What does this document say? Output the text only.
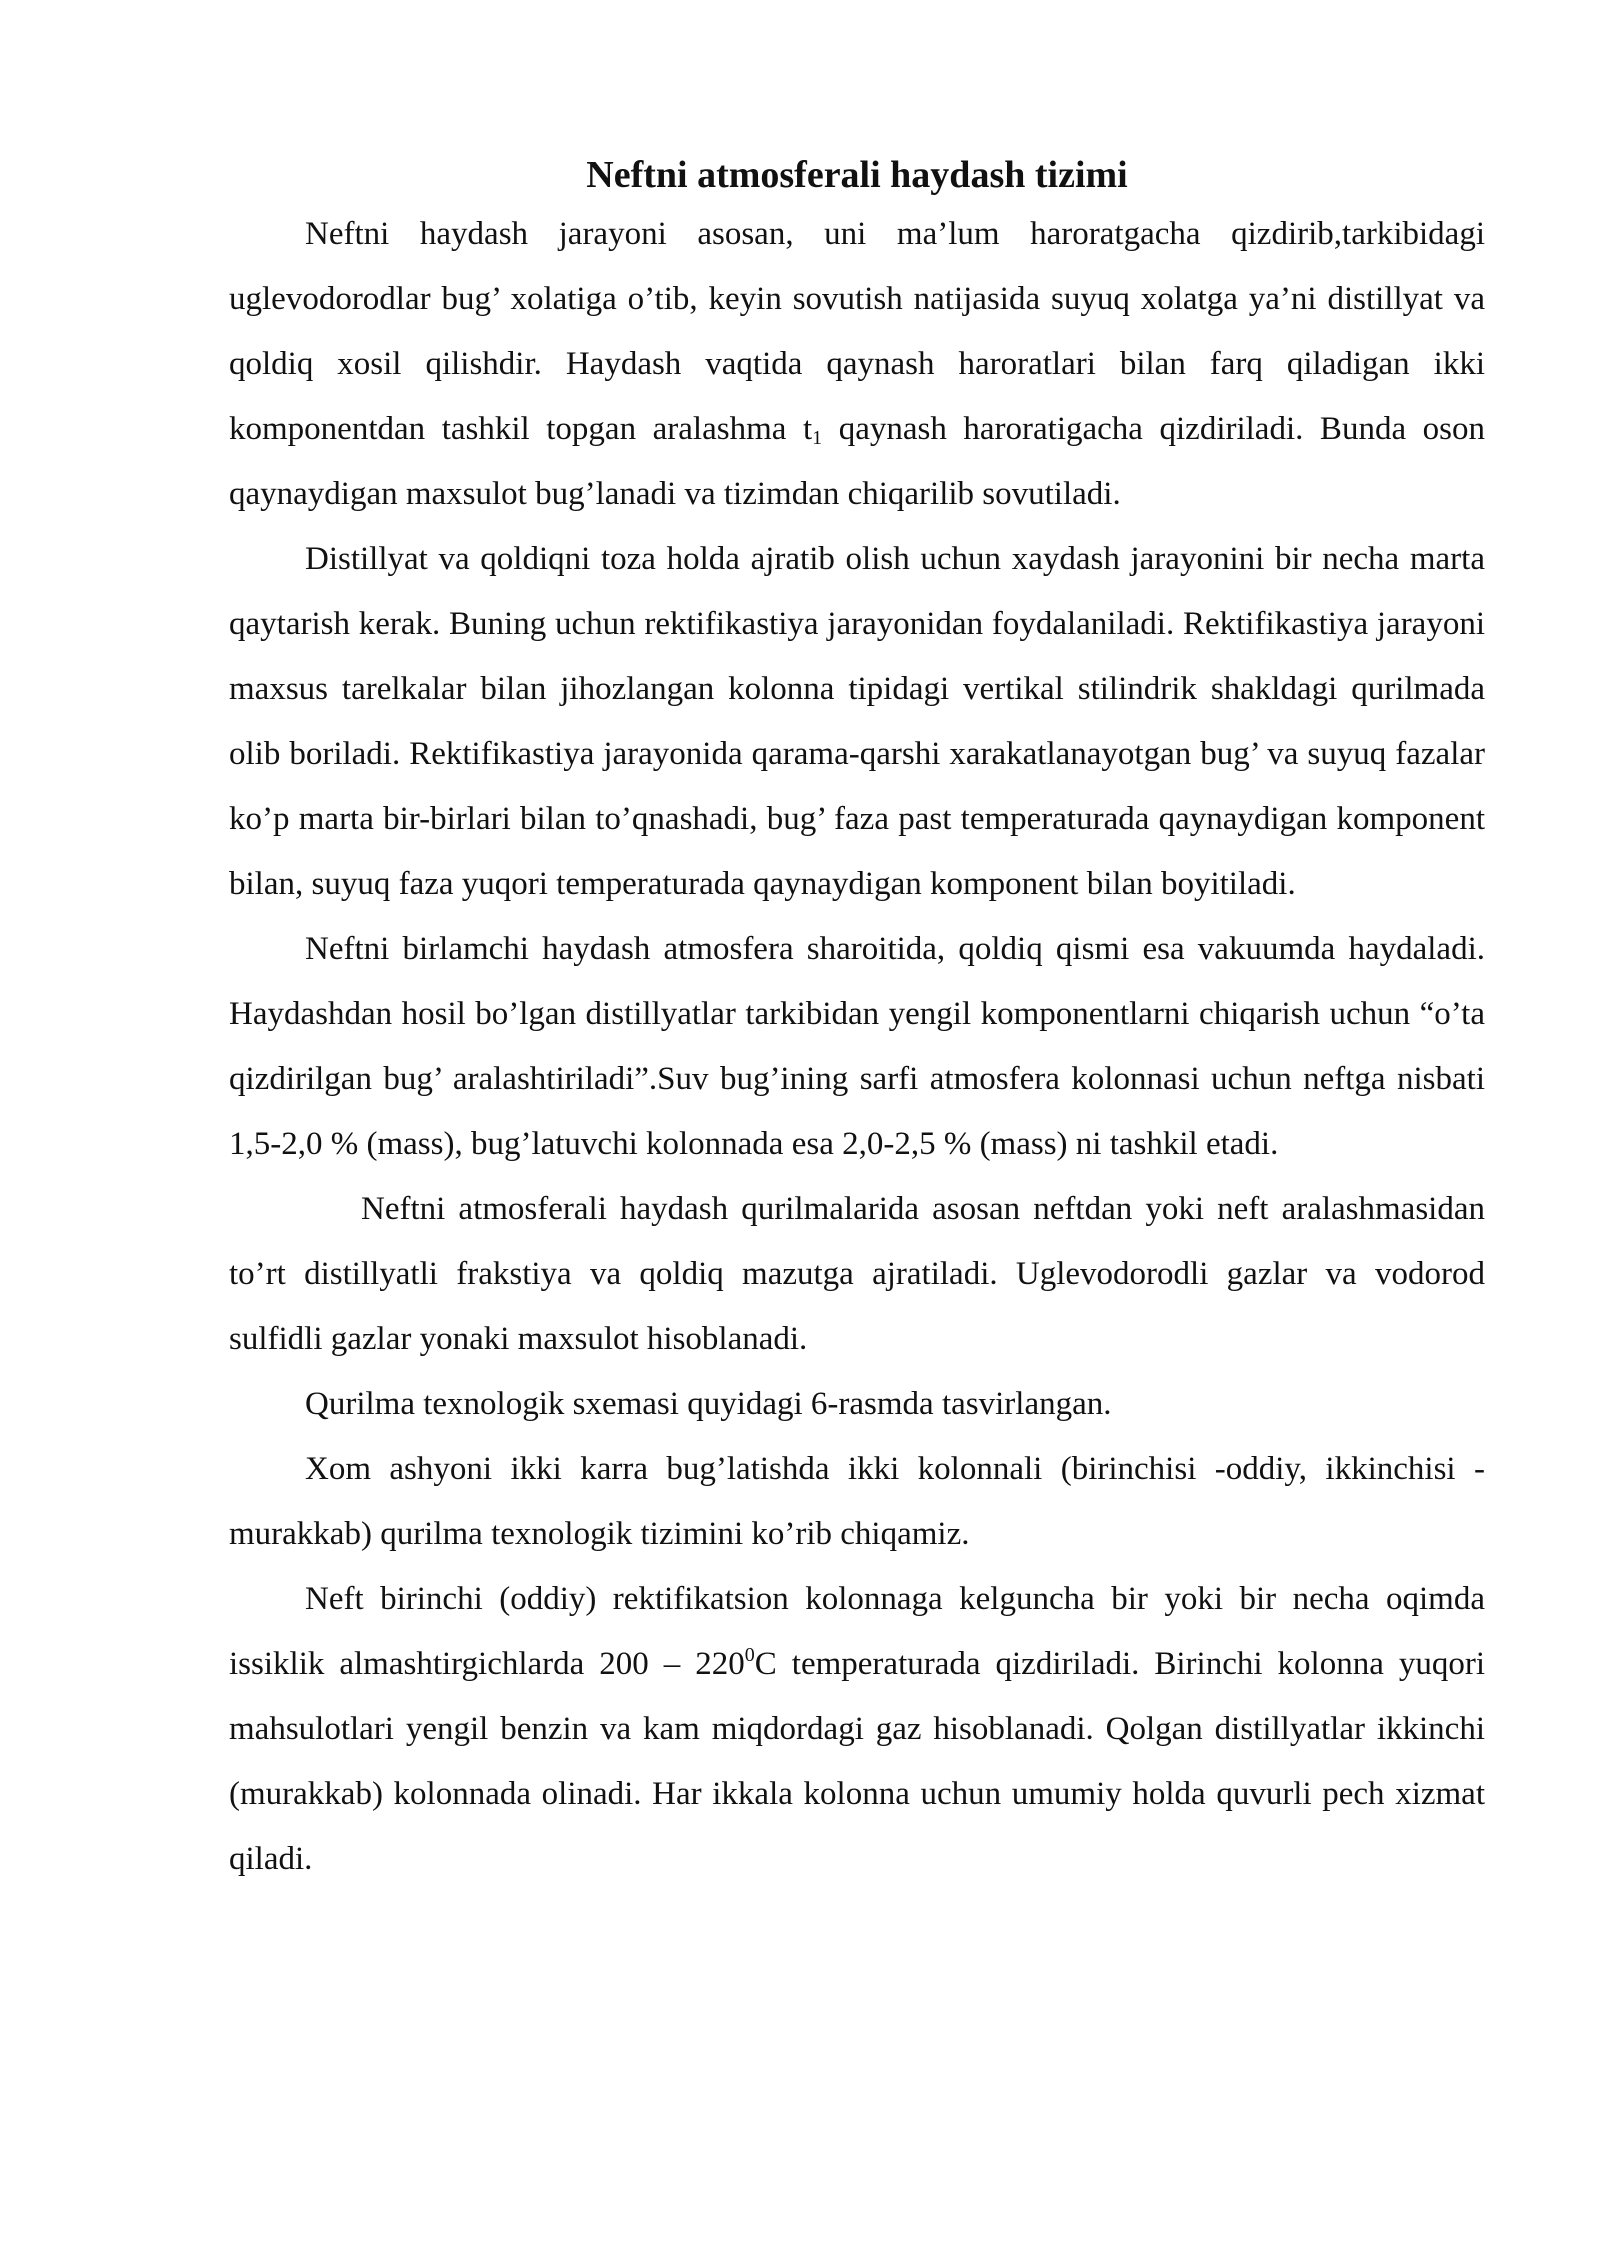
Neftni atmosferali haydash tizimi

Neftni haydash jarayoni asosan, uni ma’lum haroratgacha qizdirib,tarkibidagi uglevodorodlar bug’ xolatiga o’tib, keyin sovutish natijasida suyuq xolatga ya’ni distillyat va qoldiq xosil qilishdir. Haydash vaqtida qaynash haroratlari bilan farq qiladigan ikki komponentdan tashkil topgan aralashma $t_1$ qaynash haroratigacha qizdiriladi. Bunda oson qaynaydigan maxsulot bug’lanadi va tizimdan chiqarilib sovutiladi.

Distillyat va qoldiqni toza holda ajratib olish uchun xaydash jarayonini bir necha marta qaytarish kerak. Buning uchun rektifikastiya jarayonidan foydalaniladi. Rektifikastiya jarayoni maxsus tarelkalar bilan jihozlangan kolonna tipidagi vertikal stilindrik shakldagi qurilmada olib boriladi. Rektifikastiya jarayonida qarama-qarshi xarakatlanayotgan bug’ va suyuq fazalar ko’p marta bir-birlari bilan to’qnashadi, bug’ faza past temperaturada qaynaydigan komponent bilan, suyuq faza yuqori temperaturada qaynaydigan komponent bilan boyitiladi.

Neftni birlamchi haydash atmosfera sharoitida, qoldiq qismi esa vakuumda haydaladi. Haydashdan hosil bo’lgan distillyatlar tarkibidan yengil komponentlarni chiqarish uchun “o’ta qizdirilgan bug’ aralashtiriladi”.Suv bug’ining sarfi atmosfera kolonnasi uchun neftga nisbati 1,5-2,0 % (mass), bug’latuvchi kolonnada esa 2,0-2,5 % (mass) ni tashkil etadi.

Neftni atmosferali haydash qurilmalarida asosan neftdan yoki neft aralashmasidan to’rt distillyatli frakstiya va qoldiq mazutga ajratiladi. Uglevodorodli gazlar va vodorod sulfidli gazlar yonaki maxsulot hisoblanadi.

Qurilma texnologik sxemasi quyidagi 6-rasmda tasvirlangan.

Xom ashyoni ikki karra bug’latishda ikki kolonnali (birinchisi -oddiy, ikkinchisi - murakkab) qurilma texnologik tizimini ko’rib chiqamiz.

Neft birinchi (oddiy) rektifikatsion kolonnaga kelguncha bir yoki bir necha oqimda issiklik almashtirgichlarda $200 - 220^0C$ temperaturada qizdiriladi. Birinchi kolonna yuqori mahsulotlari yengil benzin va kam miqdordagi gaz hisoblanadi. Qolgan distillyatlar ikkinchi (murakkab) kolonnada olinadi. Har ikkala kolonna uchun umumiy holda quvurli pech xizmat qiladi.
